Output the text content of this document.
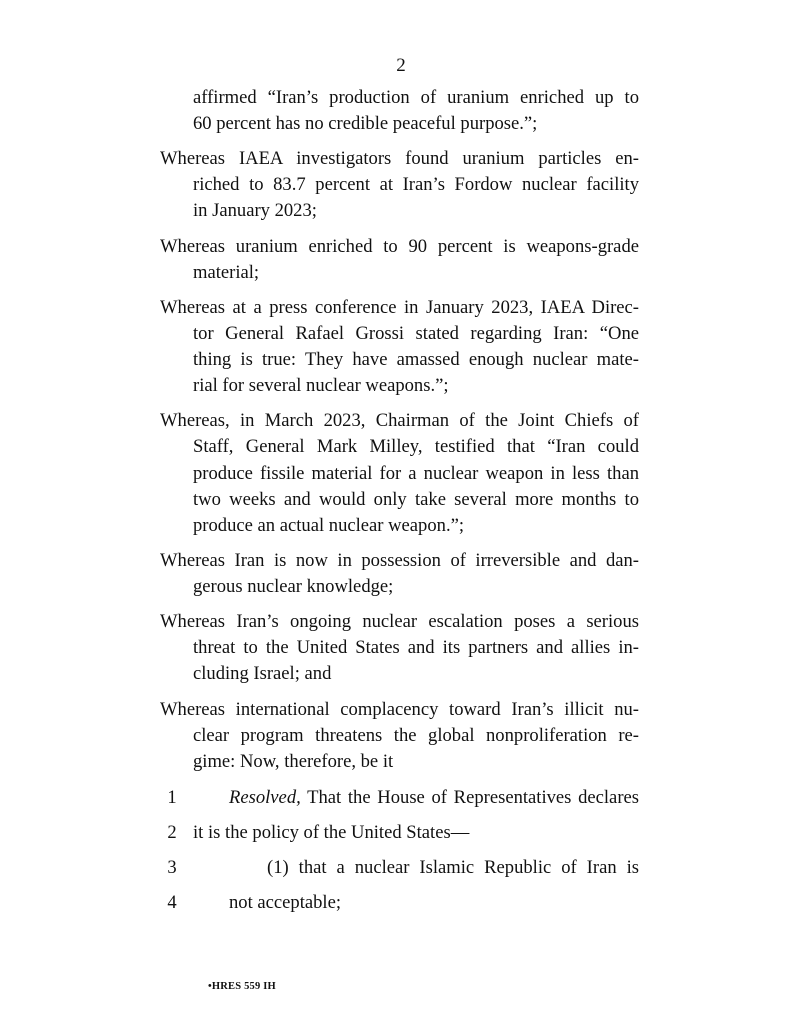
2
affirmed “Iran’s production of uranium enriched up to
60 percent has no credible peaceful purpose.”;
Whereas IAEA investigators found uranium particles en-
riched to 83.7 percent at Iran’s Fordow nuclear facility
in January 2023;
Whereas uranium enriched to 90 percent is weapons-grade
material;
Whereas at a press conference in January 2023, IAEA Direc-
tor General Rafael Grossi stated regarding Iran: “One
thing is true: They have amassed enough nuclear mate-
rial for several nuclear weapons.”;
Whereas, in March 2023, Chairman of the Joint Chiefs of
Staff, General Mark Milley, testified that “Iran could
produce fissile material for a nuclear weapon in less than
two weeks and would only take several more months to
produce an actual nuclear weapon.”;
Whereas Iran is now in possession of irreversible and dan-
gerous nuclear knowledge;
Whereas Iran’s ongoing nuclear escalation poses a serious
threat to the United States and its partners and allies in-
cluding Israel; and
Whereas international complacency toward Iran’s illicit nu-
clear program threatens the global nonproliferation re-
gime: Now, therefore, be it
1	Resolved, That the House of Representatives declares
2 it is the policy of the United States—
3	(1) that a nuclear Islamic Republic of Iran is
4	not acceptable;
•HRES 559 IH
